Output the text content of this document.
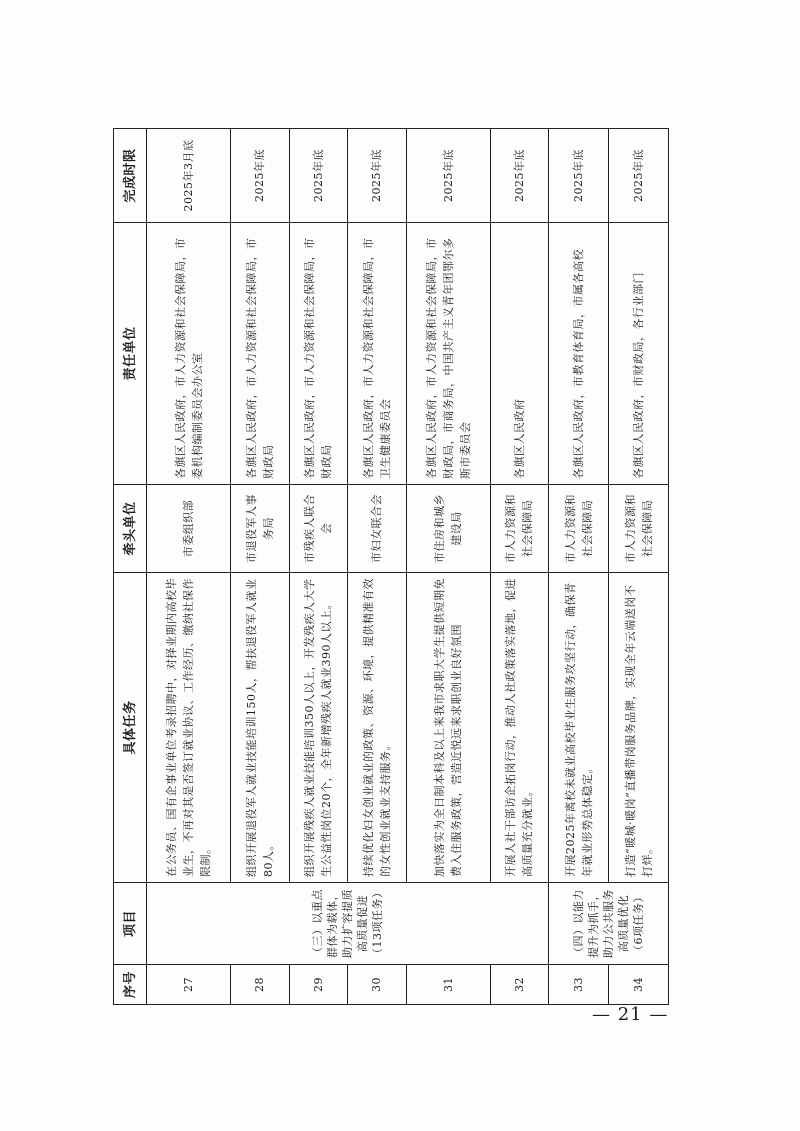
序号	项目	具体任务	牵头单位	责任单位	完成时限
27	（三）以重点群体为载体，助力扩容提质高质量促进（13项任务）	在公务员、国有企事业单位考录招聘中，对择业期内高校毕业生，不再对其是否签订就业协议、工作经历、缴纳社保作限制。	市委组织部	各旗区人民政府，市人力资源和社会保障局，市委机构编制委员会办公室	2025年3月底
28		组织开展退役军人就业技能培训150人，帮扶退役军人就业80人。	市退役军人事务局	各旗区人民政府，市人力资源和社会保障局，市财政局	2025年底
29		组织开展残疾人就业技能培训350人以上，开发残疾人大学生公益性岗位20个，全年新增残疾人就业390人以上。	市残疾人联合会	各旗区人民政府，市人力资源和社会保障局，市财政局	2025年底
30		持续优化妇女创业就业的政策、资源、环境，提供精准有效的女性创业就业支持服务。	市妇女联合会	各旗区人民政府，市人力资源和社会保障局，市卫生健康委员会	2025年底
31		加快落实为全日制本科及以上来我市求职大学生提供短期免费入住服务政策，营造近悦远来求职创业良好氛围	市住房和城乡建设局	各旗区人民政府，市人力资源和社会保障局，市财政局，市商务局，中国共产主义青年团鄂尔多斯市委员会	2025年底
32		开展人社干部访企拓岗行动，推动人社政策落实落地，促进高质量充分就业。	市人力资源和社会保障局	各旗区人民政府	2025年底
33	（四）以能力提升为抓手，助力公共服务高质量优化（6项任务）	开展2025年离校未就业高校毕业生服务攻坚行动，确保青年就业形势总体稳定。	市人力资源和社会保障局	各旗区人民政府，市教育体育局，市属各高校	2025年底
34		打造“暖城·暖岗”直播带岗服务品牌，实现全年云端送岗不打烊。	市人力资源和社会保障局	各旗区人民政府，市财政局，各行业部门	2025年底
— 21 —
